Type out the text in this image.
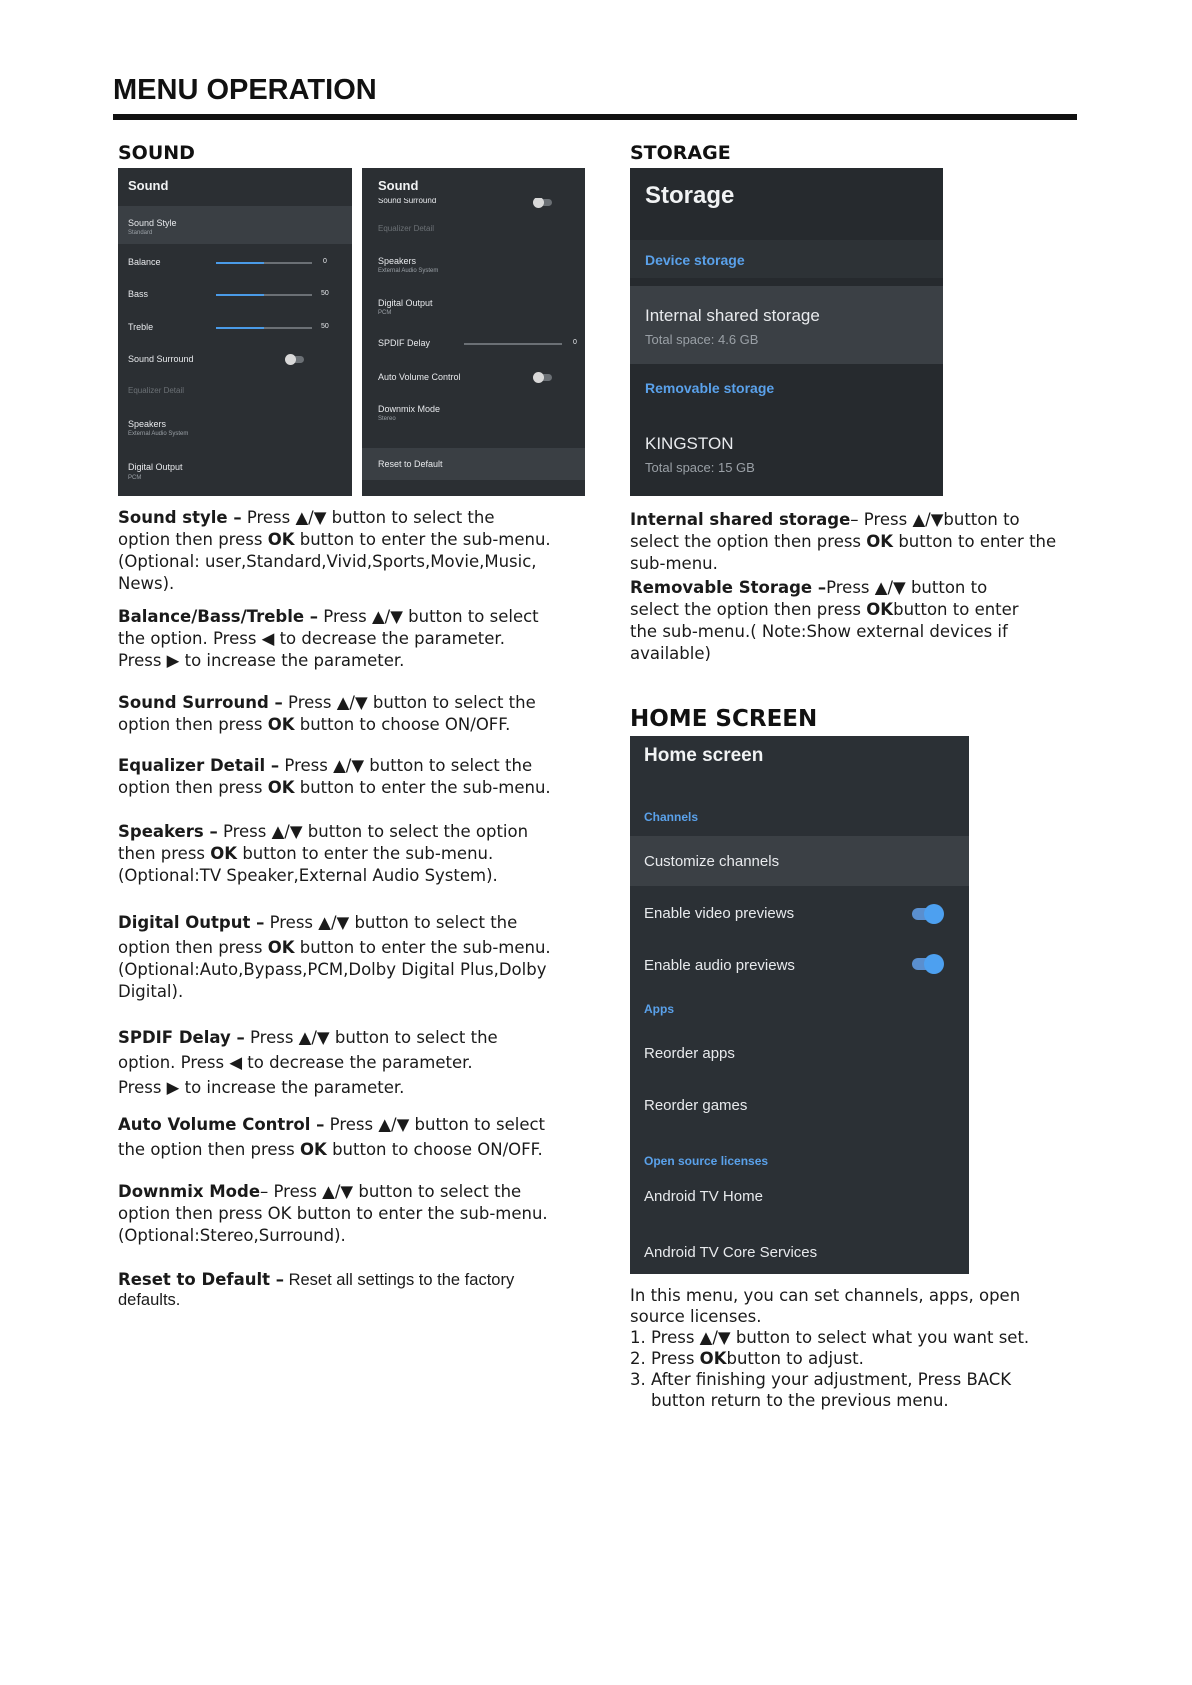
MENU OPERATION
SOUND	STORAGE
HOME SCREEN
Sound
Sound Style
Standard
Balance	0
Bass	50
Treble	50
Sound Surround
Equalizer Detail
Speakers
External Audio System
Digital Output
PCM
Sound
Sound Surround
Equalizer Detail
Speakers
External Audio System
Digital Output
PCM
SPDIF Delay	0
Auto Volume Control
Downmix Mode
Stereo
Reset to Default
Storage
Device storage
Internal shared storage
Total space: 4.6 GB
Removable storage
KINGSTON
Total space: 15 GB
Home screen
Channels
Customize channels
Enable video previews
Enable audio previews
Apps
Reorder apps
Reorder games
Open source licenses
Android TV Home
Android TV Core Services
Sound style – Press ▲/▼ button to select the
option then press OK button to enter the sub-menu.
(Optional: user,Standard,Vivid,Sports,Movie,Music,
News).
Balance/Bass/Treble – Press ▲/▼ button to select
the option. Press ◀ to decrease the parameter.
Press ▶ to increase the parameter.
Sound Surround – Press ▲/▼ button to select the
option then press OK button to choose ON/OFF.
Equalizer Detail – Press ▲/▼ button to select the
option then press OK button to enter the sub-menu.
Speakers – Press ▲/▼ button to select the option
then press OK button to enter the sub-menu.
(Optional:TV Speaker,External Audio System).
Digital Output – Press ▲/▼ button to select the
option then press OK button to enter the sub-menu.
(Optional:Auto,Bypass,PCM,Dolby Digital Plus,Dolby
Digital).
SPDIF Delay – Press ▲/▼ button to select the
option. Press ◀ to decrease the parameter.
Press ▶ to increase the parameter.
Auto Volume Control – Press ▲/▼ button to select
the option then press OK button to choose ON/OFF.
Downmix Mode– Press ▲/▼ button to select the
option then press OK button to enter the sub-menu.
(Optional:Stereo,Surround).
Reset to Default – Reset all settings to the factory
defaults.
Internal shared storage– Press ▲/▼button to
select the option then press OK button to enter the
sub-menu.
Removable Storage –Press ▲/▼ button to
select the option then press OKbutton to enter
the sub-menu.( Note:Show external devices if
available)
In this menu, you can set channels, apps, open
source licenses.
1. Press ▲/▼ button to select what you want set.
2. Press OKbutton to adjust.
3. After finishing your adjustment, Press BACK
button return to the previous menu.
